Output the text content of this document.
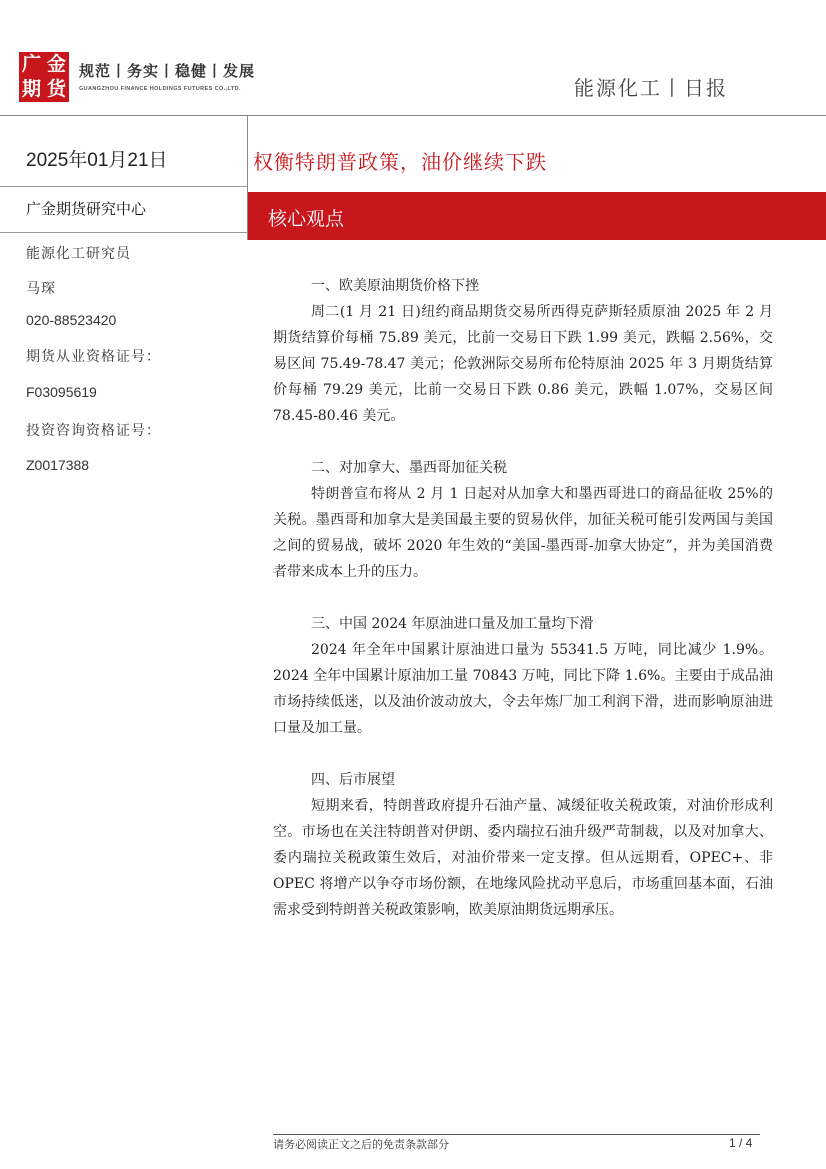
广 金
期 货
规范丨务实丨稳健丨发展
GUANGZHOU FINANCE HOLDINGS FUTURES CO.,LTD.	能源化工丨日报
2025年01月21日
广金期货研究中心
能源化工研究员
马琛
020-88523420
期货从业资格证号：
F03095619
投资咨询资格证号：
Z0017388
权衡特朗普政策，油价继续下跌
核心观点

一、欧美原油期货价格下挫

周二(1 月 21 日)纽约商品期货交易所西得克萨斯轻质原油 2025 年 2 月期货结算价每桶 75.89 美元，比前一交易日下跌 1.99 美元，跌幅 2.56%，交易区间 75.49-78.47 美元；伦敦洲际交易所布伦特原油 2025 年 3 月期货结算价每桶 79.29 美元，比前一交易日下跌 0.86 美元，跌幅 1.07%，交易区间 78.45-80.46 美元。

二、对加拿大、墨西哥加征关税

特朗普宣布将从 2 月 1 日起对从加拿大和墨西哥进口的商品征收 25%的关税。墨西哥和加拿大是美国最主要的贸易伙伴，加征关税可能引发两国与美国之间的贸易战，破坏 2020 年生效的“美国-墨西哥-加拿大协定”，并为美国消费者带来成本上升的压力。

三、中国 2024 年原油进口量及加工量均下滑

2024 年全年中国累计原油进口量为 55341.5 万吨，同比减少 1.9%。2024 全年中国累计原油加工量 70843 万吨，同比下降 1.6%。主要由于成品油市场持续低迷，以及油价波动放大，令去年炼厂加工利润下滑，进而影响原油进口量及加工量。

四、后市展望

短期来看，特朗普政府提升石油产量、减缓征收关税政策，对油价形成利空。市场也在关注特朗普对伊朗、委内瑞拉石油升级严苛制裁，以及对加拿大、委内瑞拉关税政策生效后，对油价带来一定支撑。但从远期看，OPEC+、非 OPEC 将增产以争夺市场份额，在地缘风险扰动平息后，市场重回基本面，石油需求受到特朗普关税政策影响，欧美原油期货远期承压。

请务必阅读正文之后的免责条款部分	1 / 4
